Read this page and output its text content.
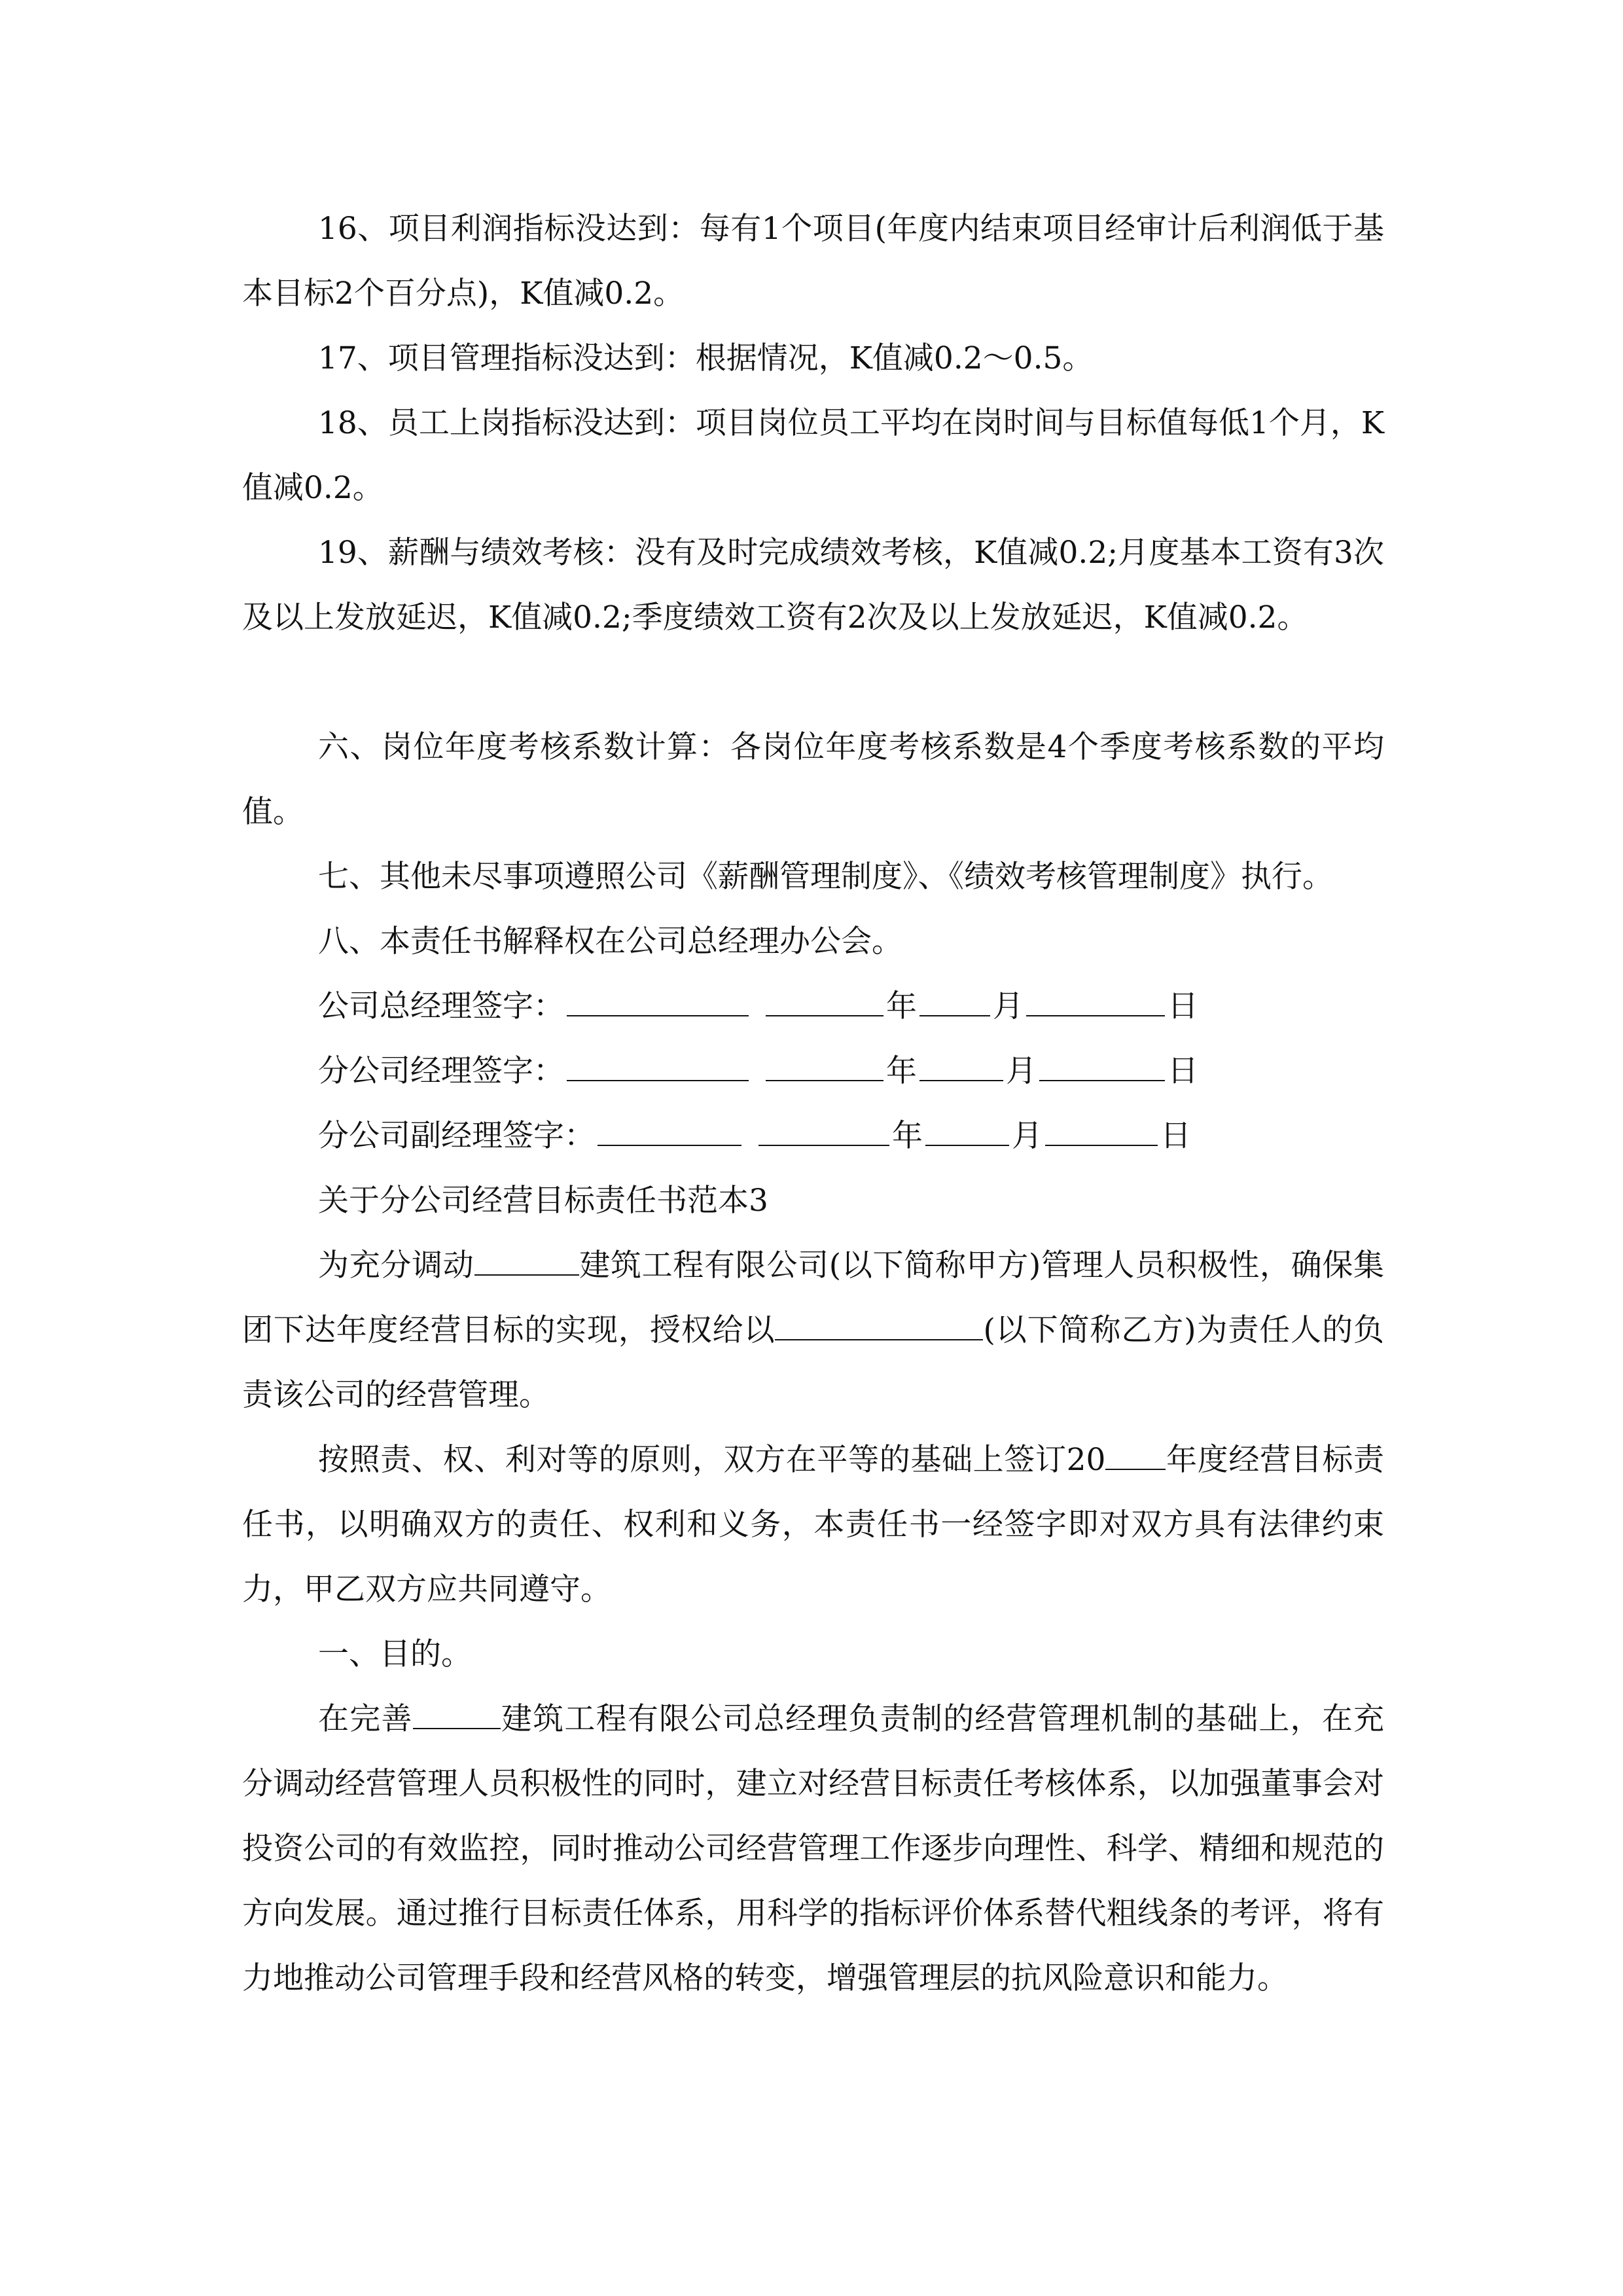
16、项目利润指标没达到：每有1个项目(年度内结束项目经审计后利润低于基本目标2个百分点)，K值减0.2。

17、项目管理指标没达到：根据情况，K值减0.2～0.5。

18、员工上岗指标没达到：项目岗位员工平均在岗时间与目标值每低1个月，K值减0.2。

19、薪酬与绩效考核：没有及时完成绩效考核，K值减0.2;月度基本工资有3次及以上发放延迟，K值减0.2;季度绩效工资有2次及以上发放延迟，K值减0.2。

六、岗位年度考核系数计算：各岗位年度考核系数是4个季度考核系数的平均值。

七、其他未尽事项遵照公司《薪酬管理制度》、《绩效考核管理制度》执行。

八、本责任书解释权在公司总经理办公会。

公司总经理签字：	年 月	日
分公司经理签字：	年	月	日
分公司副经理签字：	年	月	日
关于分公司经营目标责任书范本3

为充分调动	建筑工程有限公司(以下简称甲方)管理人员积极性，确保集团下达年度经营目标的实现，授权给以	(以下简称乙方)为责任人的负责该公司的经营管理。

按照责、权、利对等的原则，双方在平等的基础上签订20 年度经营目标责任书，以明确双方的责任、权利和义务，本责任书一经签字即对双方具有法律约束力，甲乙双方应共同遵守。

一、目的。

在完善	建筑工程有限公司总经理负责制的经营管理机制的基础上，在充分调动经营管理人员积极性的同时，建立对经营目标责任考核体系，以加强董事会对投资公司的有效监控，同时推动公司经营管理工作逐步向理性、科学、精细和规范的方向发展。通过推行目标责任体系，用科学的指标评价体系替代粗线条的考评，将有力地推动公司管理手段和经营风格的转变，增强管理层的抗风险意识和能力。
